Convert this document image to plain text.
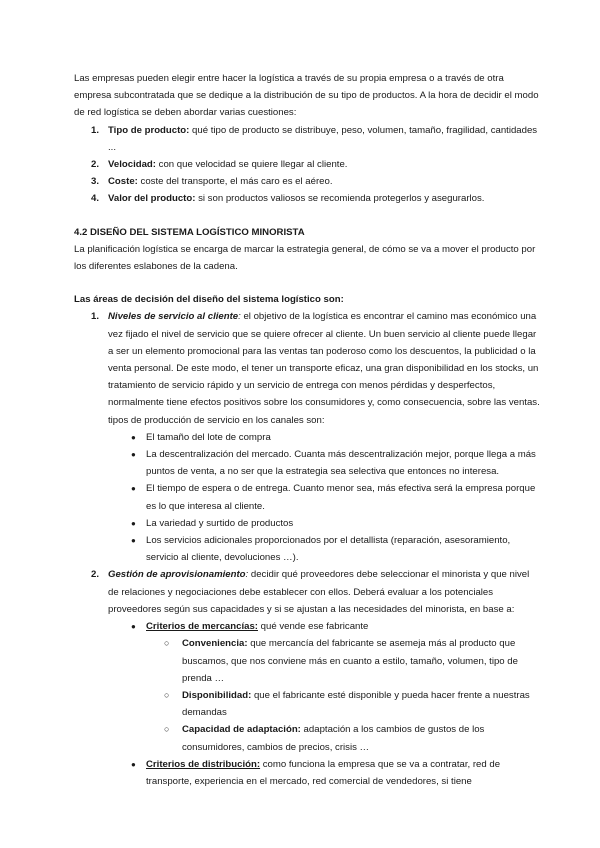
Las empresas pueden elegir entre hacer la logística a través de su propia empresa o a través de otra empresa subcontratada que se dedique a la distribución de su tipo de productos. A la hora de decidir el modo de red logística se deben abordar varias cuestiones:

1. Tipo de producto: qué tipo de producto se distribuye, peso, volumen, tamaño, fragilidad, cantidades ...
2. Velocidad: con que velocidad se quiere llegar al cliente.
3. Coste: coste del transporte, el más caro es el aéreo.
4. Valor del producto: si son productos valiosos se recomienda protegerlos y asegurarlos.

4.2 DISEÑO DEL SISTEMA LOGÍSTICO MINORISTA

La planificación logística se encarga de marcar la estrategia general, de cómo se va a mover el producto por los diferentes eslabones de la cadena.

Las áreas de decisión del diseño del sistema logístico son:

1. Niveles de servicio al cliente: el objetivo de la logística es encontrar el camino mas económico una vez fijado el nivel de servicio que se quiere ofrecer al cliente. Un buen servicio al cliente puede llegar a ser un elemento promocional para las ventas tan poderoso como los descuentos, la publicidad o la venta personal. De este modo, el tener un transporte eficaz, una gran disponibilidad en los stocks, un tratamiento de servicio rápido y un servicio de entrega con menos pérdidas y desperfectos, normalmente tiene efectos positivos sobre los consumidores y, como consecuencia, sobre las ventas. tipos de producción de servicio en los canales son:
● El tamaño del lote de compra
● La descentralización del mercado. Cuanta más descentralización mejor, porque llega a más puntos de venta, a no ser que la estrategia sea selectiva que entonces no interesa.
● El tiempo de espera o de entrega. Cuanto menor sea, más efectiva será la empresa porque es lo que interesa al cliente.
● La variedad y surtido de productos
● Los servicios adicionales proporcionados por el detallista (reparación, asesoramiento, servicio al cliente, devoluciones …).
2. Gestión de aprovisionamiento: decidir qué proveedores debe seleccionar el minorista y que nivel de relaciones y negociaciones debe establecer con ellos. Deberá evaluar a los potenciales proveedores según sus capacidades y si se ajustan a las necesidades del minorista, en base a:
● Criterios de mercancías: qué vende ese fabricante
○ Conveniencia: que mercancía del fabricante se asemeja más al producto que buscamos, que nos conviene más en cuanto a estilo, tamaño, volumen, tipo de prenda …
○ Disponibilidad: que el fabricante esté disponible y pueda hacer frente a nuestras demandas
○ Capacidad de adaptación: adaptación a los cambios de gustos de los consumidores, cambios de precios, crisis …
● Criterios de distribución: como funciona la empresa que se va a contratar, red de transporte, experiencia en el mercado, red comercial de vendedores, si tiene
